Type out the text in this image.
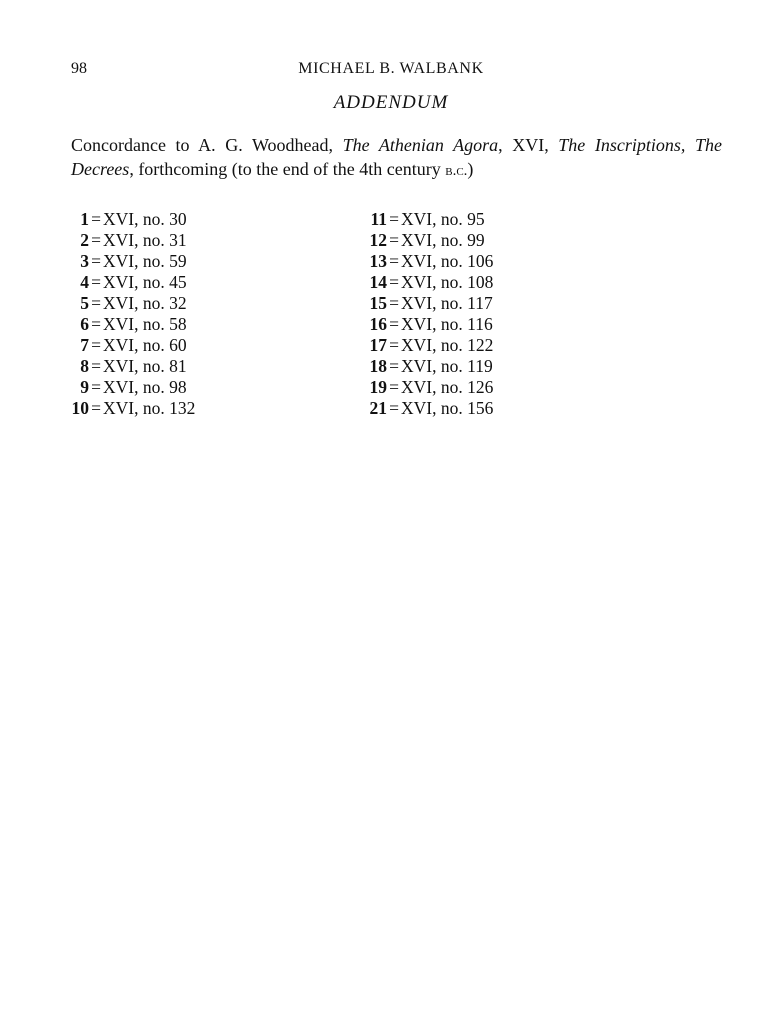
98	MICHAEL B. WALBANK
ADDENDUM

Concordance to A. G. Woodhead, The Athenian Agora, XVI, The Inscriptions, The Decrees, forthcoming (to the end of the 4th century b.c.)

1 = XVI, no. 30
2 = XVI, no. 31
3 = XVI, no. 59
4 = XVI, no. 45
5 = XVI, no. 32
6 = XVI, no. 58
7 = XVI, no. 60
8 = XVI, no. 81
9 = XVI, no. 98
10 = XVI, no. 132
11 = XVI, no. 95
12 = XVI, no. 99
13 = XVI, no. 106
14 = XVI, no. 108
15 = XVI, no. 117
16 = XVI, no. 116
17 = XVI, no. 122
18 = XVI, no. 119
19 = XVI, no. 126
21 = XVI, no. 156
